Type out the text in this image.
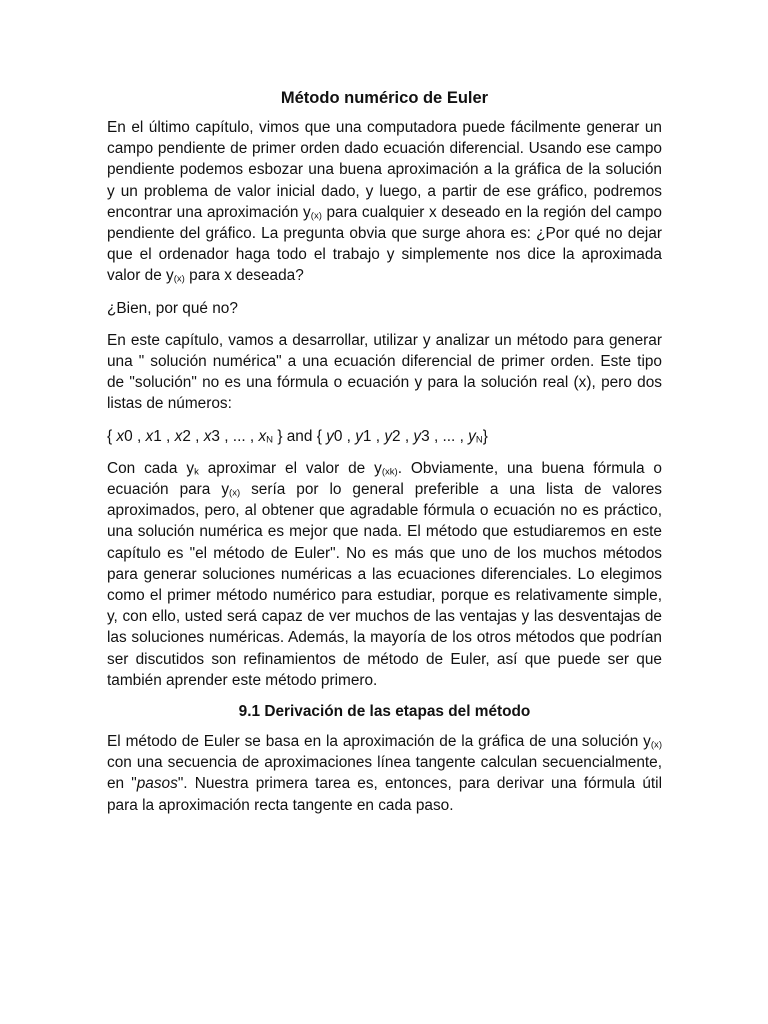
Método numérico de Euler

En el último capítulo, vimos que una computadora puede fácilmente generar un campo pendiente de primer orden dado ecuación diferencial. Usando ese campo pendiente podemos esbozar una buena aproximación a la gráfica de la solución y un problema de valor inicial dado, y luego, a partir de ese gráfico, podremos encontrar una aproximación $y_{(x)}$ para cualquier x deseado en la región del campo pendiente del gráfico. La pregunta obvia que surge ahora es: ¿Por qué no dejar que el ordenador haga todo el trabajo y simplemente nos dice la aproximada valor de $y_{(x)}$ para x deseada?

¿Bien, por qué no?

En este capítulo, vamos a desarrollar, utilizar y analizar un método para generar una " solución numérica" a una ecuación diferencial de primer orden. Este tipo de "solución" no es una fórmula o ecuación y para la solución real (x), pero dos listas de números:

{ x0 , x1 , x2 , x3 , ... , $x_N$ } and { y0 , y1 , y2 , y3 , ... , $y_N$}

Con cada $y_k$ aproximar el valor de $y_{(xk)}$. Obviamente, una buena fórmula o ecuación para $y_{(x)}$ sería por lo general preferible a una lista de valores aproximados, pero, al obtener que agradable fórmula o ecuación no es práctico, una solución numérica es mejor que nada. El método que estudiaremos en este capítulo es "el método de Euler". No es más que uno de los muchos métodos para generar soluciones numéricas a las ecuaciones diferenciales. Lo elegimos como el primer método numérico para estudiar, porque es relativamente simple, y, con ello, usted será capaz de ver muchos de las ventajas y las desventajas de las soluciones numéricas. Además, la mayoría de los otros métodos que podrían ser discutidos son refinamientos de método de Euler, así que puede ser que también aprender este método primero.

9.1 Derivación de las etapas del método

El método de Euler se basa en la aproximación de la gráfica de una solución $y_{(x)}$ con una secuencia de aproximaciones línea tangente calculan secuencialmente, en "pasos". Nuestra primera tarea es, entonces, para derivar una fórmula útil para la aproximación recta tangente en cada paso.
